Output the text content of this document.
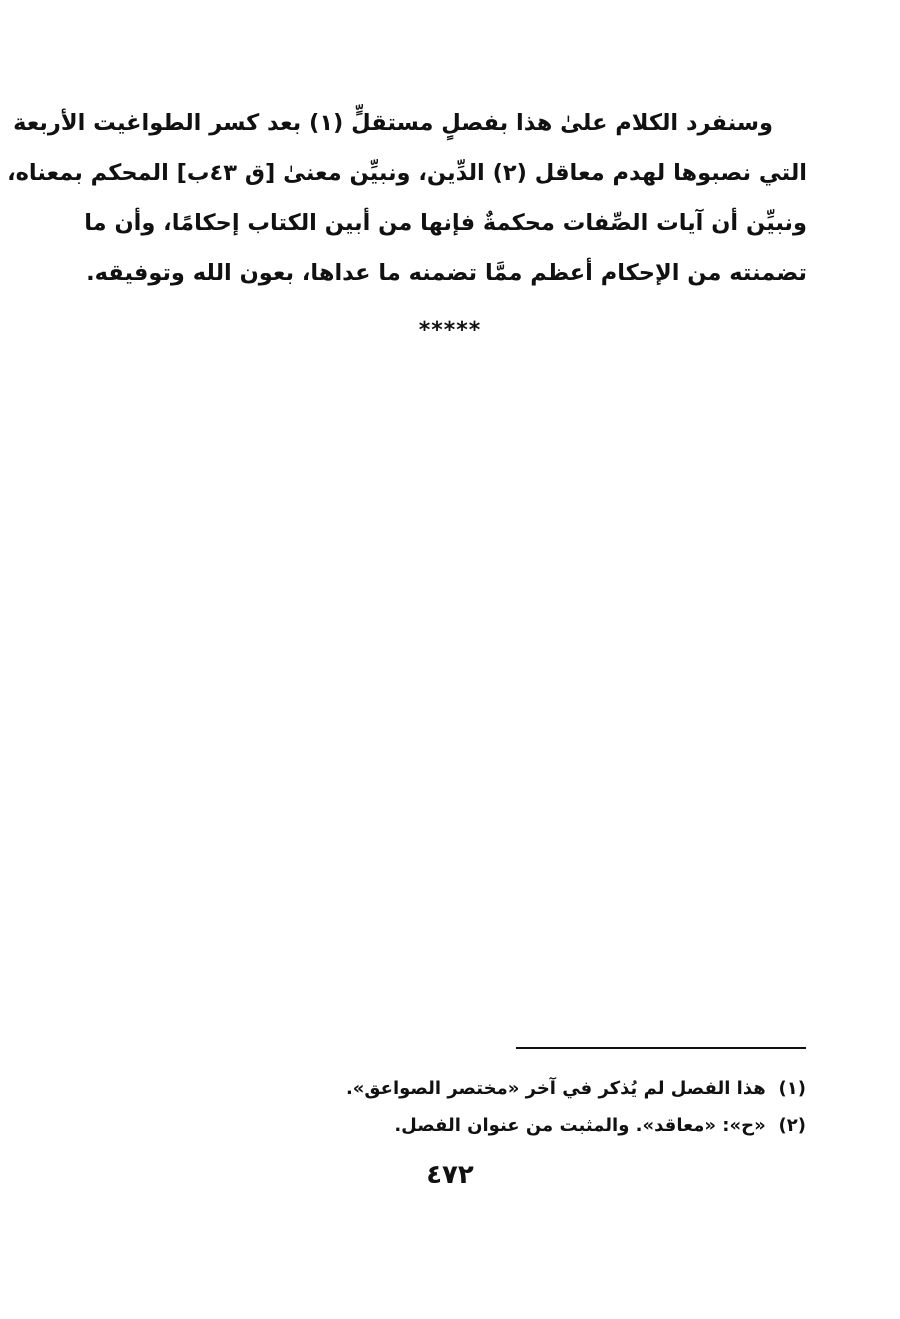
وسنفرد الكلام علىٰ هذا بفصلٍ مستقلٍّ (١) بعد كسر الطواغيت الأربعة
التي نصبوها لهدم معاقل (٢) الدِّين، ونبيِّن معنىٰ [ق ٤٣ب] المحكم بمعناه،
ونبيِّن أن آيات الصِّفات محكمةٌ فإنها من أبين الكتاب إحكامًا، وأن ما
تضمنته من الإحكام أعظم ممَّا تضمنه ما عداها، بعون الله وتوفيقه.
*****
(١) هذا الفصل لم يُذكر في آخر «مختصر الصواعق».
(٢) «ح»: «معاقد». والمثبت من عنوان الفصل.
٤٧٢
